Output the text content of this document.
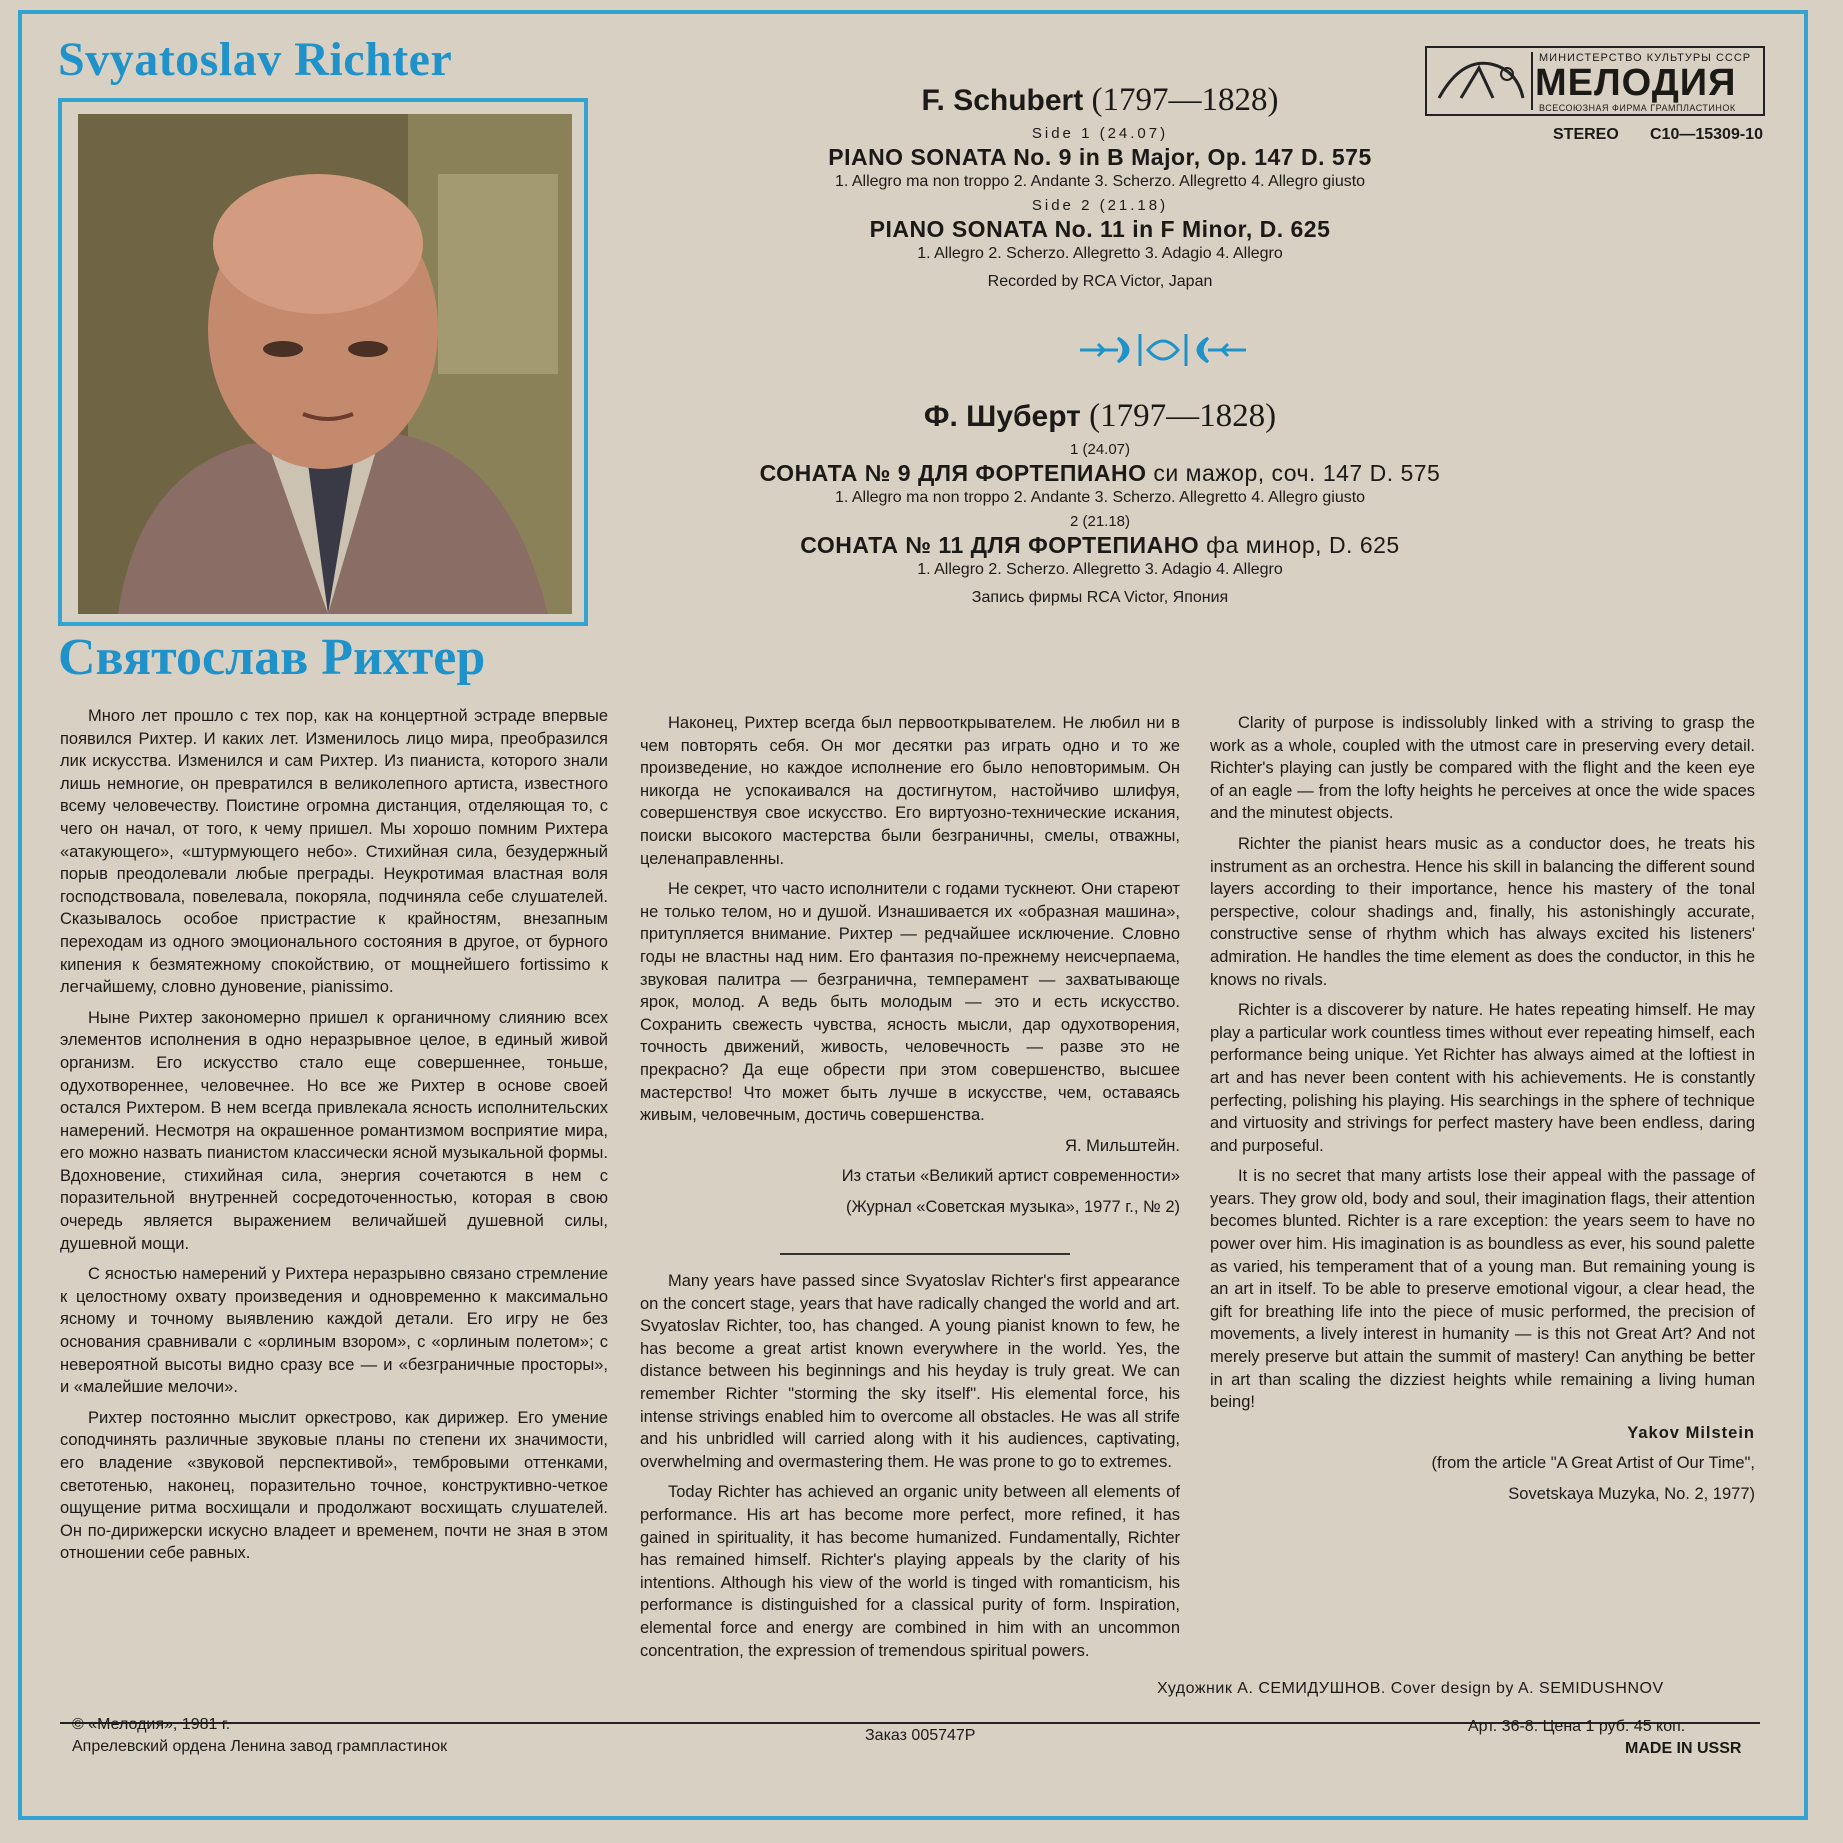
Svyatoslav Richter
Святослав Рихтер
МИНИСТЕРСТВО КУЛЬТУРЫ СССР
МЕЛОДИЯ
ВСЕСОЮЗНАЯ ФИРМА ГРАМПЛАСТИНОК
STEREO C10—15309-10

F. Schubert (1797—1828)

Side 1 (24.07)
PIANO SONATA No. 9 in B Major, Op. 147 D. 575
1. Allegro ma non troppo 2. Andante 3. Scherzo. Allegretto 4. Allegro giusto
Side 2 (21.18)
PIANO SONATA No. 11 in F Minor, D. 625
1. Allegro 2. Scherzo. Allegretto 3. Adagio 4. Allegro
Recorded by RCA Victor, Japan

Ф. Шуберт (1797—1828)

1 (24.07)
СОНАТА № 9 ДЛЯ ФОРТЕПИАНО си мажор, соч. 147 D. 575
1. Allegro ma non troppo 2. Andante 3. Scherzo. Allegretto 4. Allegro giusto
2 (21.18)
СОНАТА № 11 ДЛЯ ФОРТЕПИАНО фа минор, D. 625
1. Allegro 2. Scherzo. Allegretto 3. Adagio 4. Allegro
Запись фирмы RCA Victor, Япония

Много лет прошло с тех пор, как на концертной эстраде впервые появился Рихтер. И каких лет. Изменилось лицо мира, преобразился лик искусства. Изменился и сам Рихтер. Из пианиста, которого знали лишь немногие, он превратился в великолепного артиста, известного всему человечеству. Поистине огромна дистанция, отделяющая то, с чего он начал, от того, к чему пришел. Мы хорошо помним Рихтера «атакующего», «штурмующего небо». Стихийная сила, безудержный порыв преодолевали любые преграды. Неукротимая властная воля господствовала, повелевала, покоряла, подчиняла себе слушателей. Сказывалось особое пристрастие к крайностям, внезапным переходам из одного эмоционального состояния в другое, от бурного кипения к безмятежному спокойствию, от мощнейшего fortissimo к легчайшему, словно дуновение, pianissimo.

Ныне Рихтер закономерно пришел к органичному слиянию всех элементов исполнения в одно неразрывное целое, в единый живой организм. Его искусство стало еще совершеннее, тоньше, одухотвореннее, человечнее. Но все же Рихтер в основе своей остался Рихтером. В нем всегда привлекала ясность исполнительских намерений. Несмотря на окрашенное романтизмом восприятие мира, его можно назвать пианистом классически ясной музыкальной формы. Вдохновение, стихийная сила, энергия сочетаются в нем с поразительной внутренней сосредоточенностью, которая в свою очередь является выражением величайшей душевной силы, душевной мощи.

С ясностью намерений у Рихтера неразрывно связано стремление к целостному охвату произведения и одновременно к максимально ясному и точному выявлению каждой детали. Его игру не без основания сравнивали с «орлиным взором», с «орлиным полетом»; с невероятной высоты видно сразу все — и «безграничные просторы», и «малейшие мелочи».

Рихтер постоянно мыслит оркестрово, как дирижер. Его умение соподчинять различные звуковые планы по степени их значимости, его владение «звуковой перспективой», тембровыми оттенками, светотенью, наконец, поразительно точное, конструктивно-четкое ощущение ритма восхищали и продолжают восхищать слушателей. Он по-дирижерски искусно владеет и временем, почти не зная в этом отношении себе равных.

Наконец, Рихтер всегда был первооткрывателем. Не любил ни в чем повторять себя. Он мог десятки раз играть одно и то же произведение, но каждое исполнение его было неповторимым. Он никогда не успокаивался на достигнутом, настойчиво шлифуя, совершенствуя свое искусство. Его виртуозно-технические искания, поиски высокого мастерства были безграничны, смелы, отважны, целенаправленны.

Не секрет, что часто исполнители с годами тускнеют. Они стареют не только телом, но и душой. Изнашивается их «образная машина», притупляется внимание. Рихтер — редчайшее исключение. Словно годы не властны над ним. Его фантазия по-прежнему неисчерпаема, звуковая палитра — безгранична, темперамент — захватывающе ярок, молод. А ведь быть молодым — это и есть искусство. Сохранить свежесть чувства, ясность мысли, дар одухотворения, точность движений, живость, человечность — разве это не прекрасно? Да еще обрести при этом совершенство, высшее мастерство! Что может быть лучше в искусстве, чем, оставаясь живым, человечным, достичь совершенства.

Я. Мильштейн.

Из статьи «Великий артист современности»

(Журнал «Советская музыка», 1977 г., № 2)

Many years have passed since Svyatoslav Richter's first appearance on the concert stage, years that have radically changed the world and art. Svyatoslav Richter, too, has changed. A young pianist known to few, he has become a great artist known everywhere in the world. Yes, the distance between his beginnings and his heyday is truly great. We can remember Richter "storming the sky itself". His elemental force, his intense strivings enabled him to overcome all obstacles. He was all strife and his unbridled will carried along with it his audiences, captivating, overwhelming and overmastering them. He was prone to go to extremes.

Today Richter has achieved an organic unity between all elements of performance. His art has become more perfect, more refined, it has gained in spirituality, it has become humanized. Fundamentally, Richter has remained himself. Richter's playing appeals by the clarity of his intentions. Although his view of the world is tinged with romanticism, his performance is distinguished for a classical purity of form. Inspiration, elemental force and energy are combined in him with an uncommon concentration, the expression of tremendous spiritual powers.

Clarity of purpose is indissolubly linked with a striving to grasp the work as a whole, coupled with the utmost care in preserving every detail. Richter's playing can justly be compared with the flight and the keen eye of an eagle — from the lofty heights he perceives at once the wide spaces and the minutest objects.

Richter the pianist hears music as a conductor does, he treats his instrument as an orchestra. Hence his skill in balancing the different sound layers according to their importance, hence his mastery of the tonal perspective, colour shadings and, finally, his astonishingly accurate, constructive sense of rhythm which has always excited his listeners' admiration. He handles the time element as does the conductor, in this he knows no rivals.

Richter is a discoverer by nature. He hates repeating himself. He may play a particular work countless times without ever repeating himself, each performance being unique. Yet Richter has always aimed at the loftiest in art and has never been content with his achievements. He is constantly perfecting, polishing his playing. His searchings in the sphere of technique and virtuosity and strivings for perfect mastery have been endless, daring and purposeful.

It is no secret that many artists lose their appeal with the passage of years. They grow old, body and soul, their imagination flags, their attention becomes blunted. Richter is a rare exception: the years seem to have no power over him. His imagination is as boundless as ever, his sound palette as varied, his temperament that of a young man. But remaining young is an art in itself. To be able to preserve emotional vigour, a clear head, the gift for breathing life into the piece of music performed, the precision of movements, a lively interest in humanity — is this not Great Art? And not merely preserve but attain the summit of mastery! Can anything be better in art than scaling the dizziest heights while remaining a living human being!

Yakov Milstein

(from the article "A Great Artist of Our Time",

Sovetskaya Muzyka, No. 2, 1977)

Художник А. СЕМИДУШНОВ. Cover design by A. SEMIDUSHNOV
© «Мелодия», 1981 г.
Апрелевский ордена Ленина завод грампластинок
Заказ 005747Р
Арт. 36-8. Цена 1 руб. 45 коп.
MADE IN USSR
